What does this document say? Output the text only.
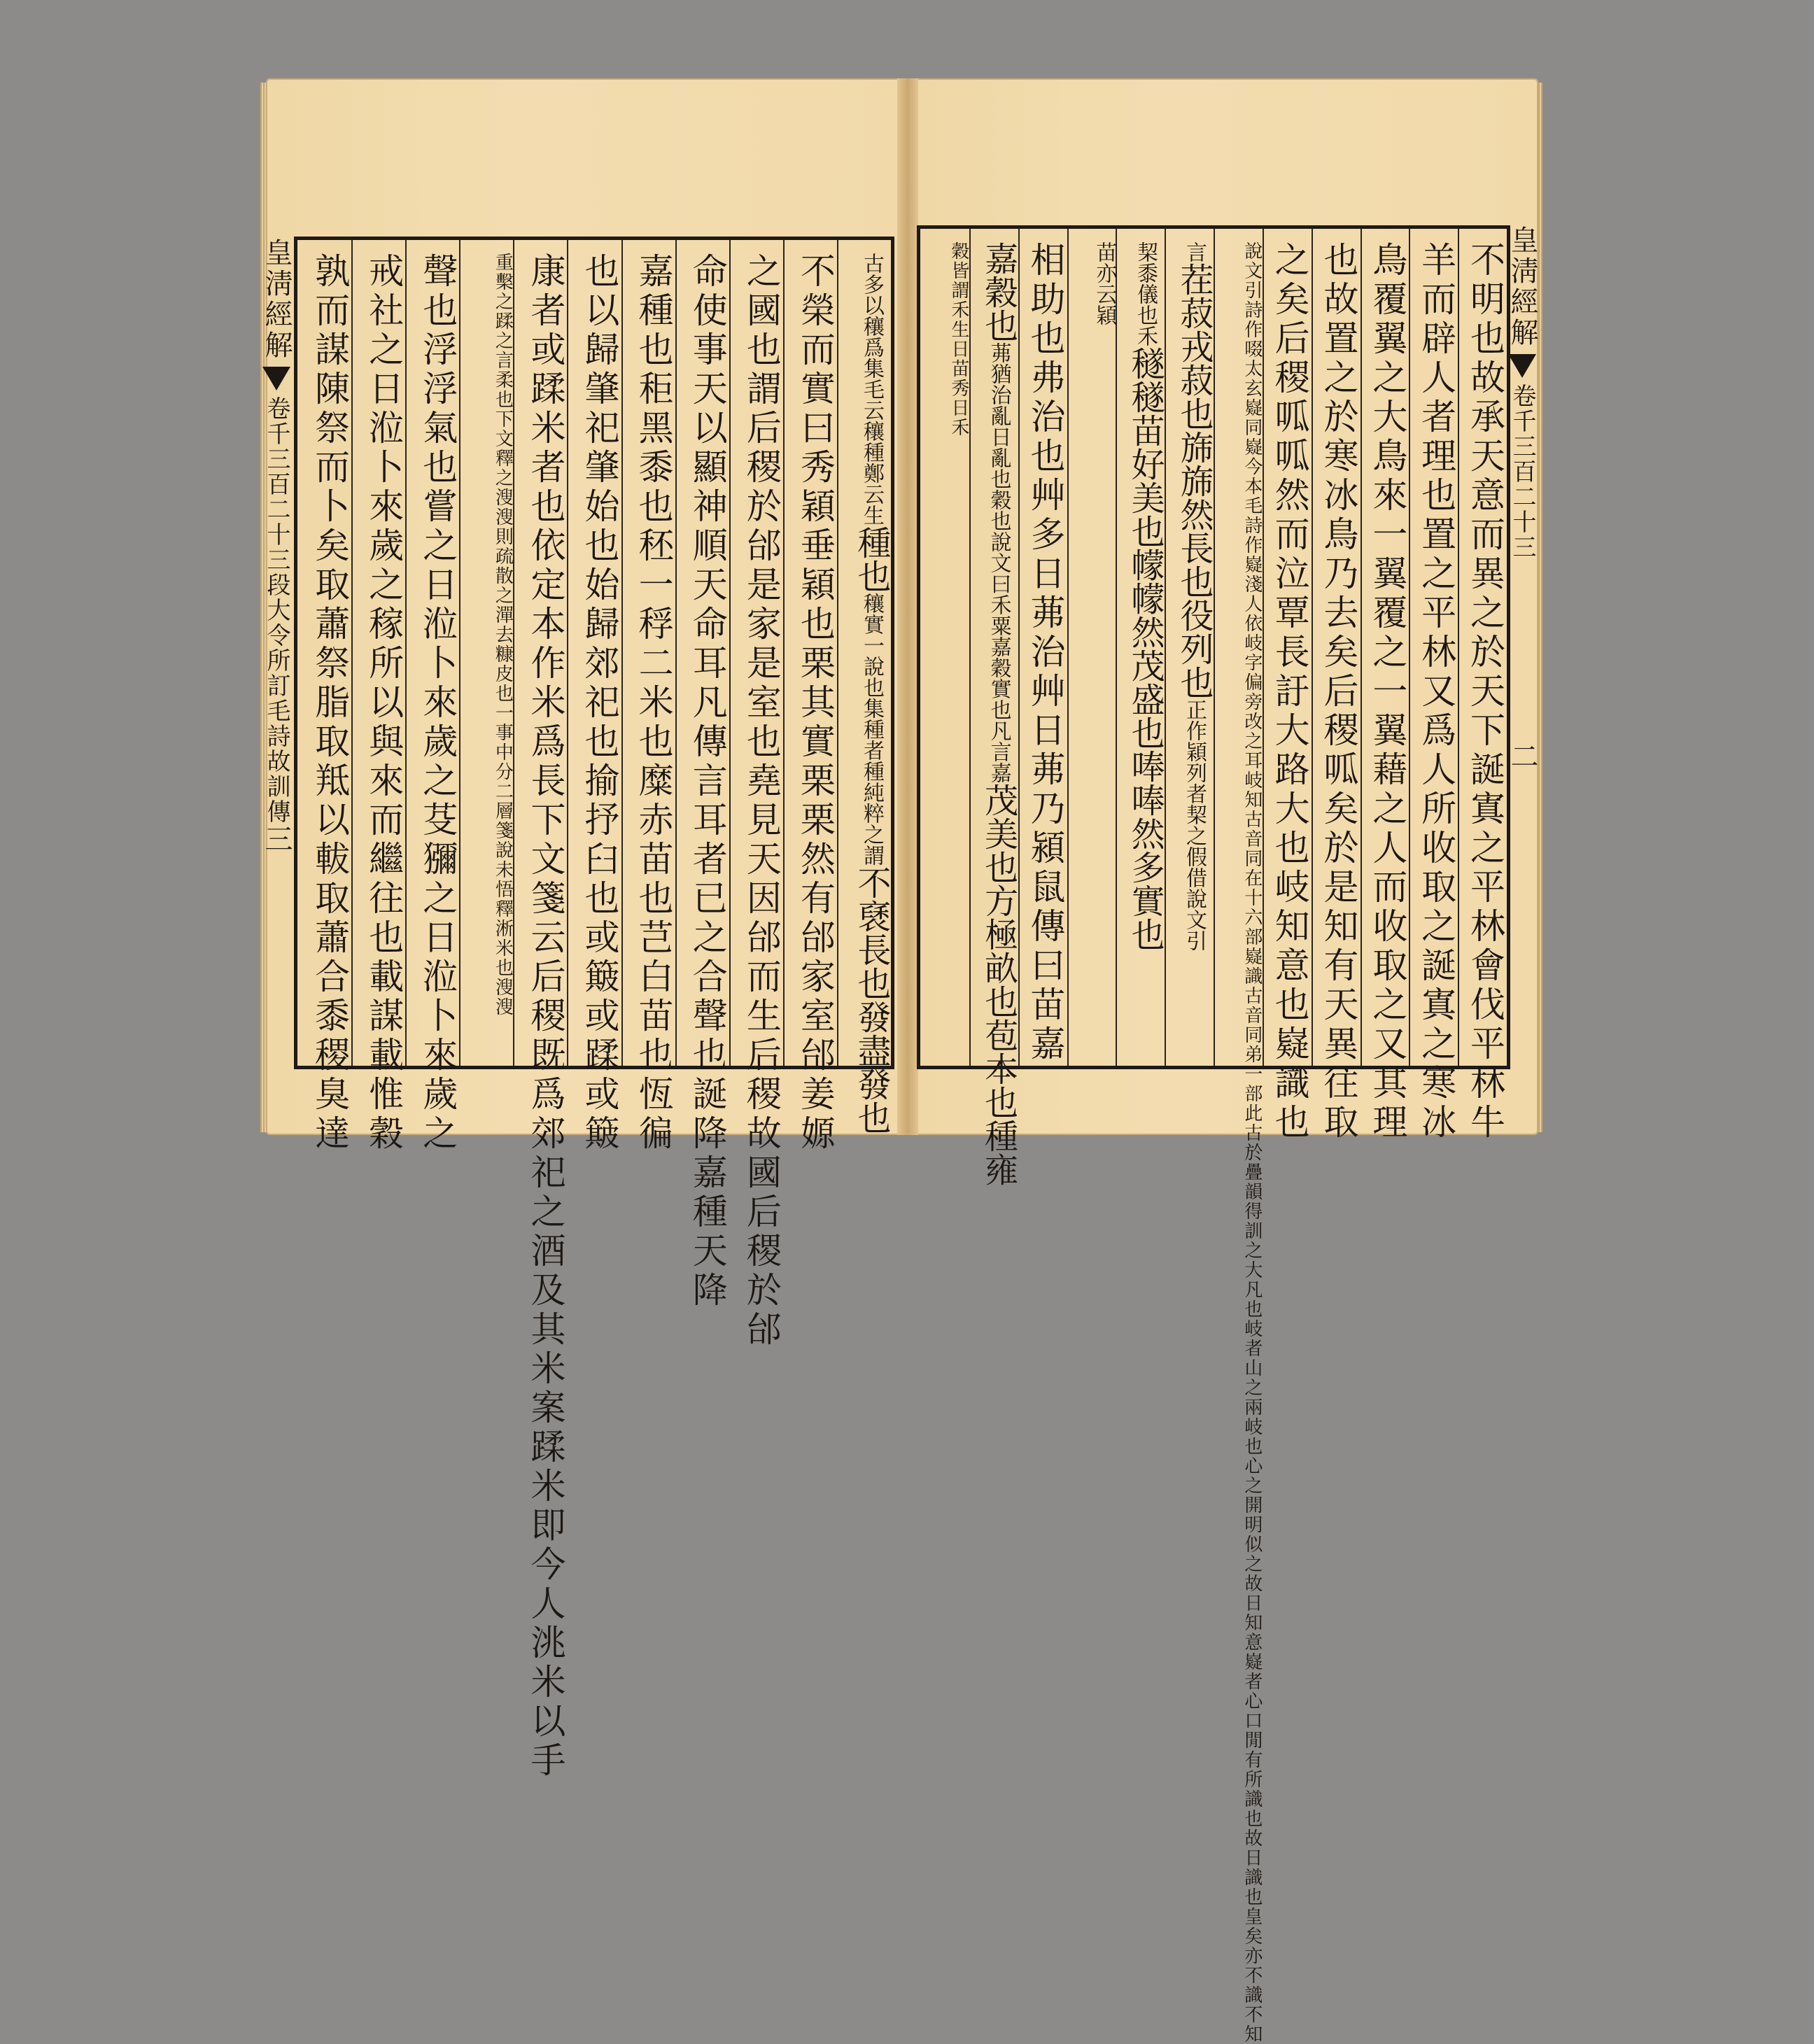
皇淸經解卷千三百二十三段大令所訂毛詩故訓傳三
皇淸經解卷千三百二十三二
古多以穰爲集毛云穰種鄭云生種也穰實一說也集種者種純粹之謂不褎長也發盡發也
不榮而實曰秀穎垂穎也栗其實栗栗然有邰家室邰姜嫄
之國也謂后稷於邰是家是室也堯見天因邰而生后稷故國后稷於邰
命使事天以顯神順天命耳凡傳言耳者已之合聲也誕降嘉種天降
嘉種也秬黑黍也秠一稃二米也糜赤苗也芑白苗也恆徧
也以歸肇祀肇始也始歸郊祀也揄抒臼也或簸或蹂或簸
康者或蹂米者也依定本作米爲長下文箋云后稷既爲郊祀之酒及其米案蹂米即今人洮米以手
重檕之蹂之言柔也下文釋之溲溲則疏散之潬去糠皮也一事中分二層箋說未悟釋淅米也溲溲
聲也浮浮氣也嘗之日涖卜來歲之芟獼之日涖卜來歲之
戒社之日涖卜來歲之稼所以與來而繼往也載謀載惟穀
孰而謀陳祭而卜矣取蕭祭脂取羝以軷取蕭合黍稷臭達	不明也故承天意而異之於天下誕寘之平林會伐平林牛
羊而辟人者理也置之平林又爲人所收取之誕寘之寒冰
鳥覆翼之大鳥來一翼覆之一翼藉之人而收取之又其理
也故置之於寒冰鳥乃去矣后稷呱矣於是知有天異往取
之矣后稷呱呱然而泣覃長訏大路大也岐知意也嶷識也
說文引詩作啜太玄嶷同嶷今本毛詩作嶷淺人依岐字偏旁改之耳岐知古音同在十六部嶷識古音同弟一部此古於疊韻得訓之大凡也岐者山之兩岐也心之開明似之故日知意嶷者心口閒有所識也故日識也皇矣亦不識不知
言茬菽戎菽也旆旆然長也役列也正作穎列者栔之假借說文引
栔黍儀也禾穟穟苗好美也幪幪然茂盛也唪唪然多實也
苗亦云穎
相助也弗治也艸多日茀治艸日茀乃潁鼠傳曰苗嘉
嘉穀也茀猶治亂日亂也穀也說文曰禾粟嘉穀實也凡言嘉茂美也方極畝也苞本也種雍
穀皆謂禾生日苗秀日禾
